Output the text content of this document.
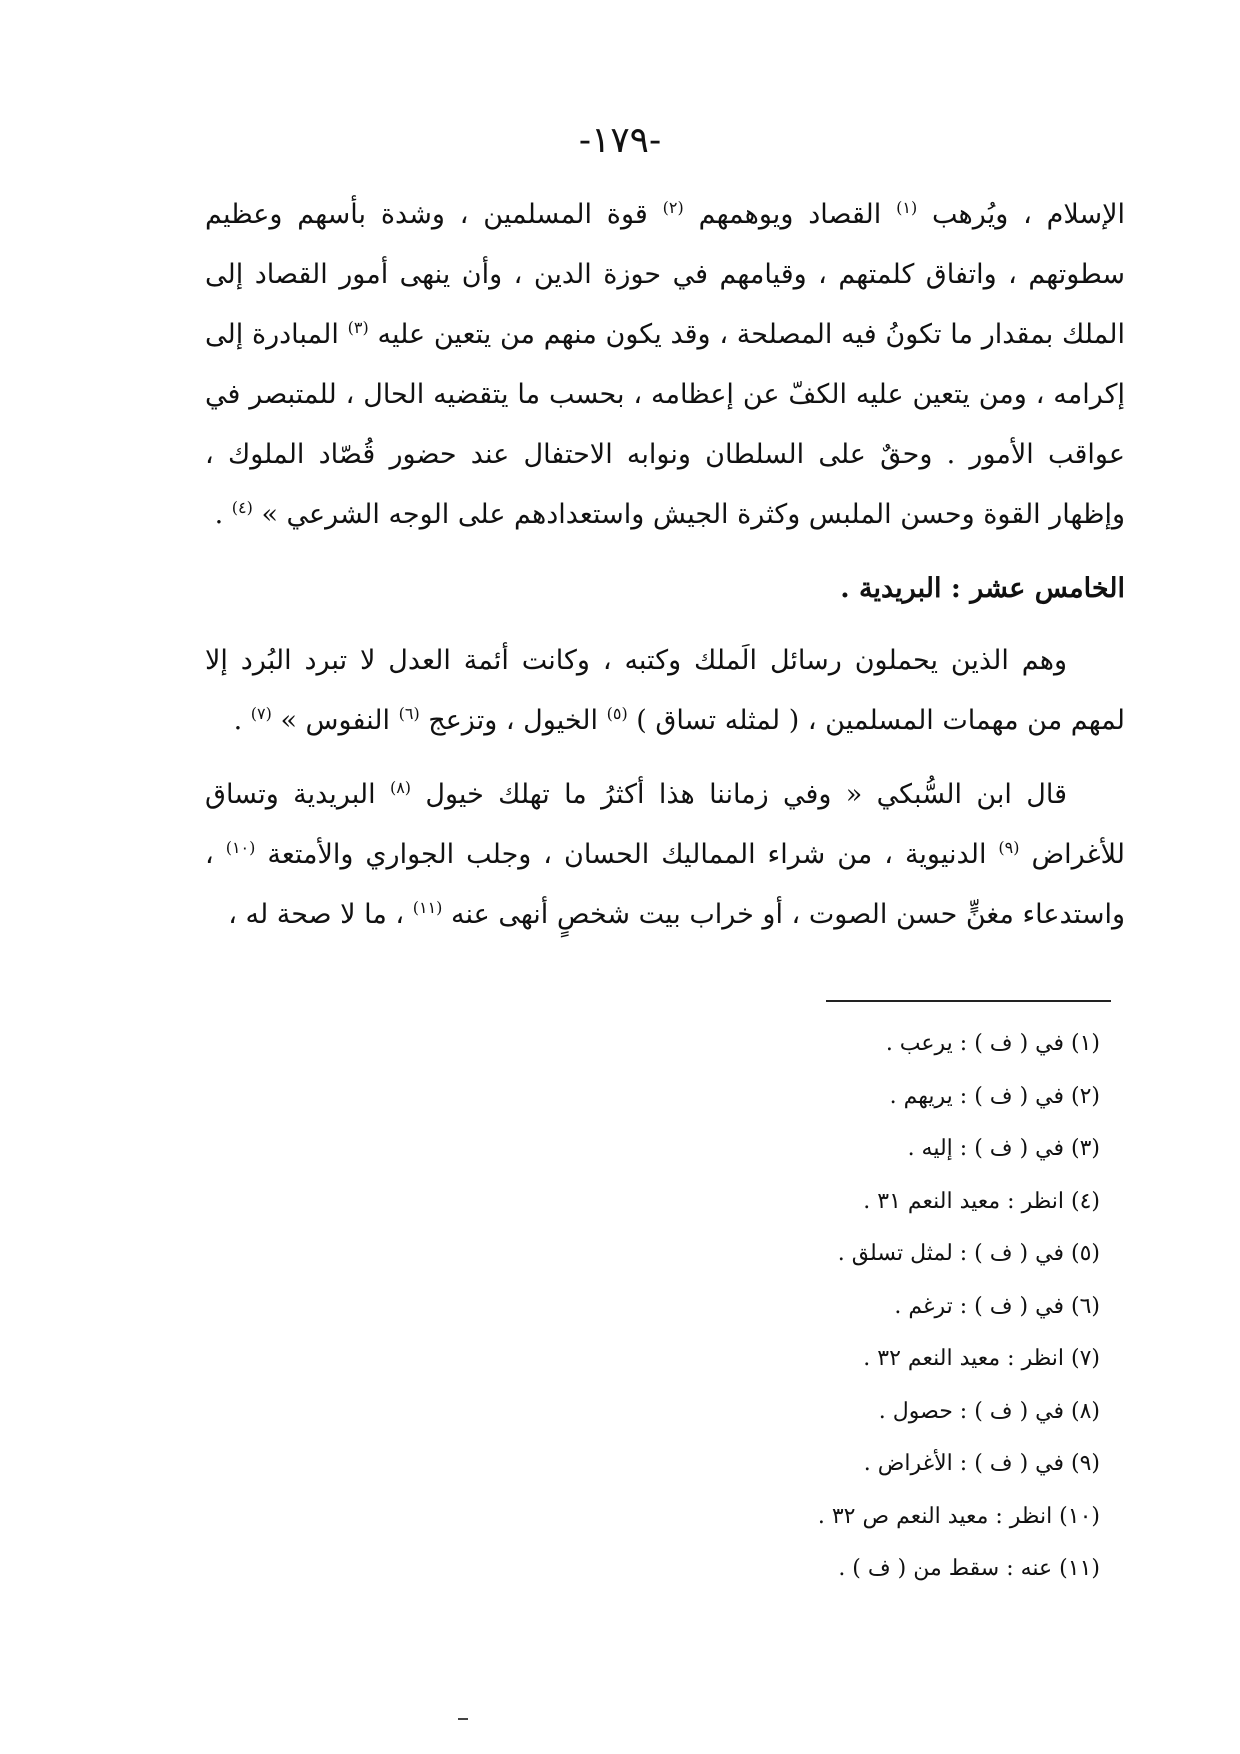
-١٧٩-

الإسلام ، ويُرهب $^{(١)}$ القصاد ويوهمهم $^{(٢)}$ قوة المسلمين ، وشدة بأسهم وعظيم سطوتهم ، واتفاق كلمتهم ، وقيامهم في حوزة الدين ، وأن ينهى أمور القصاد إلى الملك بمقدار ما تكونُ فيه المصلحة ، وقد يكون منهم من يتعين عليه $^{(٣)}$ المبادرة إلى إكرامه ، ومن يتعين عليه الكفّ عن إعظامه ، بحسب ما يتقضيه الحال ، للمتبصر في عواقب الأمور . وحقٌ على السلطان ونوابه الاحتفال عند حضور قُصّاد الملوك ، وإظهار القوة وحسن الملبس وكثرة الجيش واستعدادهم على الوجه الشرعي » $^{(٤)}$ .

الخامس عشر : البريدية .

وهم الذين يحملون رسائل الَملك وكتبه ، وكانت أئمة العدل لا تبرد البُرد إلا لمهم من مهمات المسلمين ، ( لمثله تساق ) $^{(٥)}$ الخيول ، وتزعج $^{(٦)}$ النفوس » $^{(٧)}$ .

قال ابن السُّبكي « وفي زماننا هذا أكثرُ ما تهلك خيول $^{(٨)}$ البريدية وتساق للأغراض $^{(٩)}$ الدنيوية ، من شراء المماليك الحسان ، وجلب الجواري والأمتعة $^{(١٠)}$ ، واستدعاء مغنٍّ حسن الصوت ، أو خراب بيت شخصٍ أنهى عنه $^{(١١)}$ ، ما لا صحة له ،

(١) في ( ف ) : يرعب .
(٢) في ( ف ) : يريهم .
(٣) في ( ف ) : إليه .
(٤) انظر : معيد النعم ٣١ .
(٥) في ( ف ) : لمثل تسلق .
(٦) في ( ف ) : ترغم .
(٧) انظر : معيد النعم ٣٢ .
(٨) في ( ف ) : حصول .
(٩) في ( ف ) : الأغراض .
(١٠) انظر : معيد النعم ص ٣٢ .
(١١) عنه : سقط من ( ف ) .
